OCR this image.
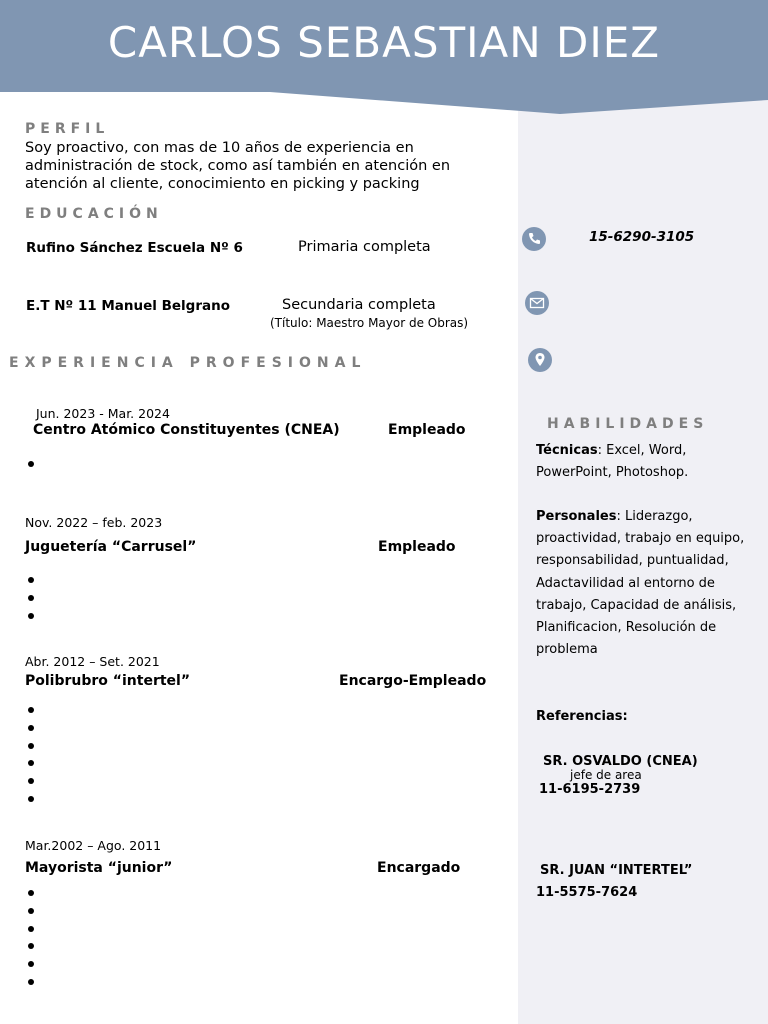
CARLOS SEBASTIAN DIEZ
PERFIL
Soy proactivo, con mas de 10 años de experiencia en administración de stock, como así también en atención en atención al cliente, conocimiento en picking y packing
EDUCACIÓN
Rufino Sánchez Escuela Nº 6	Primaria completa
E.T Nº 11 Manuel Belgrano	Secundaria completa
(Título: Maestro Mayor de Obras)
EXPERIENCIA PROFESIONAL
Jun. 2023 - Mar. 2024
Centro Atómico Constituyentes (CNEA)	Empleado
Nov. 2022 – feb. 2023
Juguetería “Carrusel”	Empleado
Abr. 2012 – Set. 2021
Polibrubro “intertel”	Encargo-Empleado
Mar.2002 – Ago. 2011
Mayorista “junior”	Encargado
15-6290-3105
HABILIDADES
Técnicas: Excel, Word, PowerPoint, Photoshop.
Personales: Liderazgo, proactividad, trabajo en equipo, responsabilidad, puntualidad, Adactavilidad al entorno de trabajo, Capacidad de análisis, Planificacion, Resolución de problema
Referencias:
SR. OSVALDO (CNEA)
jefe de area
11-6195-2739
SR. JUAN “INTERTEL”
11-5575-7624
